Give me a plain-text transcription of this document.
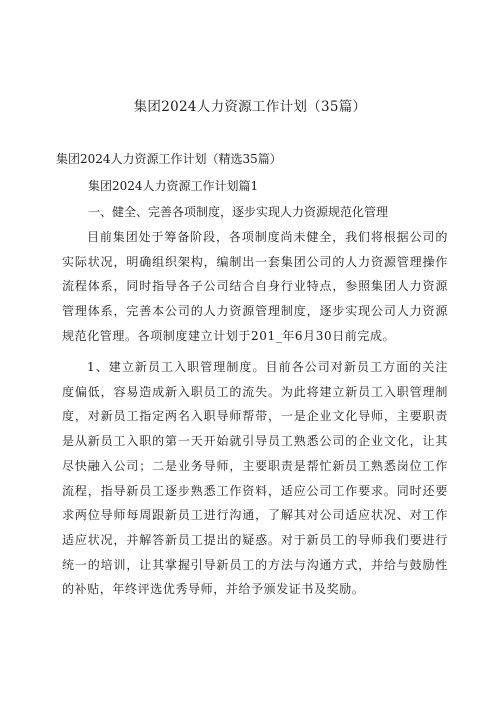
集团2024人力资源工作计划（35篇）
集团2024人力资源工作计划（精选35篇）
集团2024人力资源工作计划篇1
一、健全、完善各项制度，逐步实现人力资源规范化管理
目前集团处于筹备阶段，各项制度尚未健全，我们将根据公司的实际状况，明确组织架构，编制出一套集团公司的人力资源管理操作流程体系，同时指导各子公司结合自身行业特点，参照集团人力资源管理体系，完善本公司的人力资源管理制度，逐步实现公司人力资源规范化管理。各项制度建立计划于201_年6月30日前完成。
1、建立新员工入职管理制度。目前各公司对新员工方面的关注度偏低，容易造成新入职员工的流失。为此将建立新员工入职管理制度，对新员工指定两名入职导师帮带，一是企业文化导师，主要职责是从新员工入职的第一天开始就引导员工熟悉公司的企业文化，让其尽快融入公司；二是业务导师，主要职责是帮忙新员工熟悉岗位工作流程，指导新员工逐步熟悉工作资料，适应公司工作要求。同时还要求两位导师每周跟新员工进行沟通，了解其对公司适应状况、对工作适应状况，并解答新员工提出的疑惑。对于新员工的导师我们要进行统一的培训，让其掌握引导新员工的方法与沟通方式，并给与鼓励性的补贴，年终评选优秀导师，并给予颁发证书及奖励。
